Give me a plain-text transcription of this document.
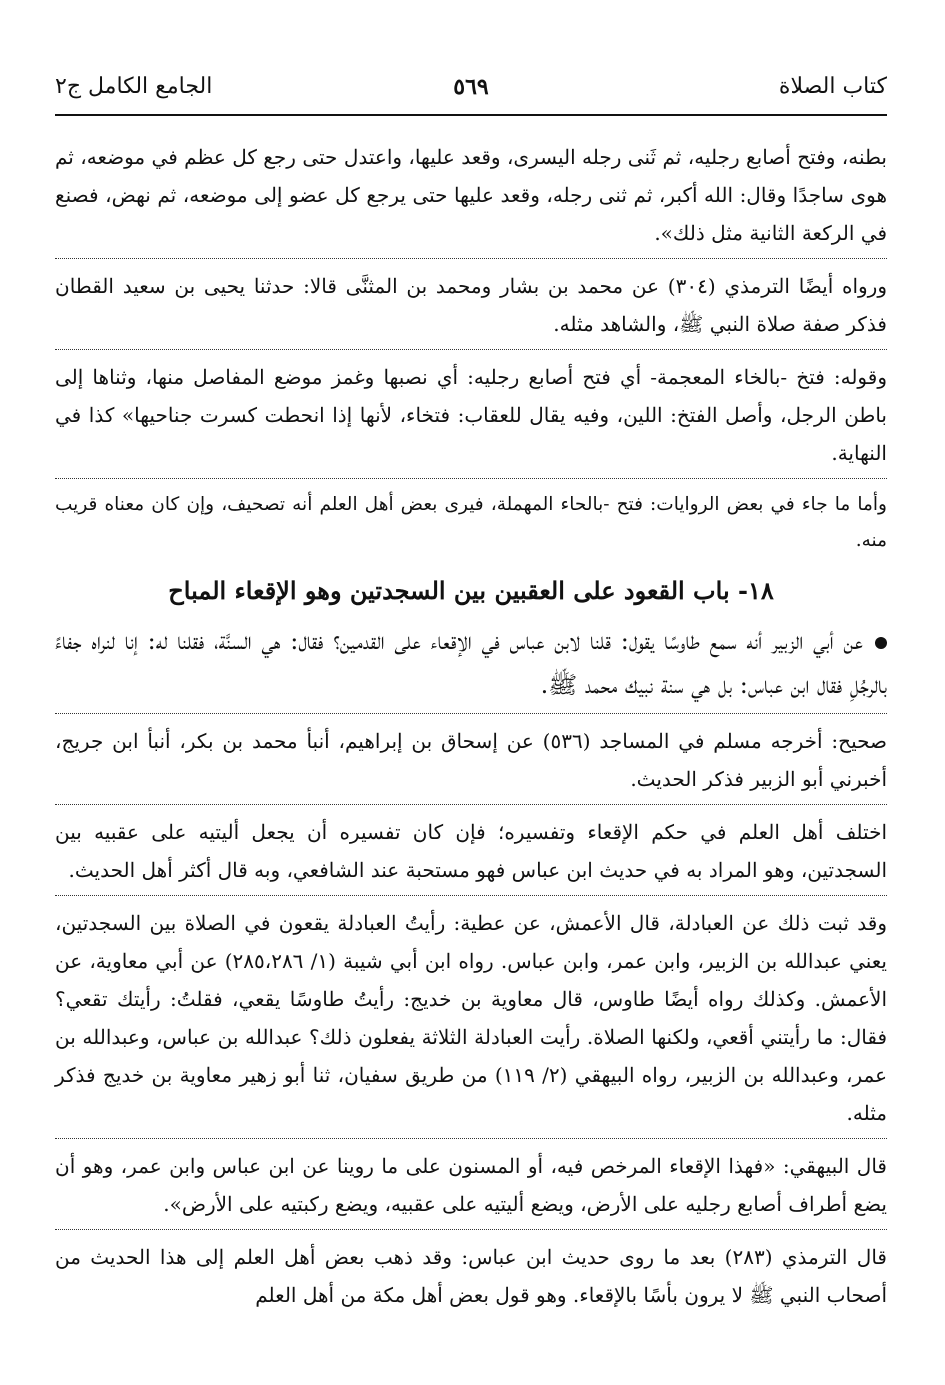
كتاب الصلاة
٥٦٩
الجامع الكامل ج٢

بطنه، وفتح أصابع رجليه، ثم ثَنى رجله اليسرى، وقعد عليها، واعتدل حتى رجع كل عظم في موضعه، ثم هوى ساجدًا وقال: الله أكبر، ثم ثنى رجله، وقعد عليها حتى يرجع كل عضو إلى موضعه، ثم نهض، فصنع في الركعة الثانية مثل ذلك».

ورواه أيضًا الترمذي (٣٠٤) عن محمد بن بشار ومحمد بن المثنَّى قالا: حدثنا يحيى بن سعيد القطان فذكر صفة صلاة النبي ﷺ، والشاهد مثله.

وقوله: فتخ -بالخاء المعجمة- أي فتح أصابع رجليه: أي نصبها وغمز موضع المفاصل منها، وثناها إلى باطن الرجل، وأصل الفتخ: اللين، وفيه يقال للعقاب: فتخاء، لأنها إذا انحطت كسرت جناحيها» كذا في النهاية.

وأما ما جاء في بعض الروايات: فتح -بالحاء المهملة، فيرى بعض أهل العلم أنه تصحيف، وإن كان معناه قريب منه.

١٨- باب القعود على العقبين بين السجدتين وهو الإقعاء المباح

عن أبي الزبير أنه سمع طاوسًا يقول: قلنا لابن عباس في الإقعاء على القدمين؟ فقال: هي السنَّة، فقلنا له: إنا لنراه جفاءً بالرجُلِ فقال ابن عباس: بل هي سنة نبيك محمد ﷺ.

صحيح: أخرجه مسلم في المساجد (٥٣٦) عن إسحاق بن إبراهيم، أنبأ محمد بن بكر، أنبأ ابن جريج، أخبرني أبو الزبير فذكر الحديث.

اختلف أهل العلم في حكم الإقعاء وتفسيره؛ فإن كان تفسيره أن يجعل أليتيه على عقبيه بين السجدتين، وهو المراد به في حديث ابن عباس فهو مستحبة عند الشافعي، وبه قال أكثر أهل الحديث.

وقد ثبت ذلك عن العبادلة، قال الأعمش، عن عطية: رأيتُ العبادلة يقعون في الصلاة بين السجدتين، يعني عبدالله بن الزبير، وابن عمر، وابن عباس. رواه ابن أبي شيبة (١/ ٢٨٥،٢٨٦) عن أبي معاوية، عن الأعمش. وكذلك رواه أيضًا طاوس، قال معاوية بن خديج: رأيتُ طاوسًا يقعي، فقلتُ: رأيتك تقعي؟ فقال: ما رأيتني أقعي، ولكنها الصلاة. رأيت العبادلة الثلاثة يفعلون ذلك؟ عبدالله بن عباس، وعبدالله بن عمر، وعبدالله بن الزبير، رواه البيهقي (٢/ ١١٩) من طريق سفيان، ثنا أبو زهير معاوية بن خديج فذكر مثله.

قال البيهقي: «فهذا الإقعاء المرخص فيه، أو المسنون على ما روينا عن ابن عباس وابن عمر، وهو أن يضع أطراف أصابع رجليه على الأرض، ويضع أليتيه على عقبيه، ويضع ركبتيه على الأرض».

قال الترمذي (٢٨٣) بعد ما روى حديث ابن عباس: وقد ذهب بعض أهل العلم إلى هذا الحديث من أصحاب النبي ﷺ لا يرون بأسًا بالإقعاء. وهو قول بعض أهل مكة من أهل العلم
